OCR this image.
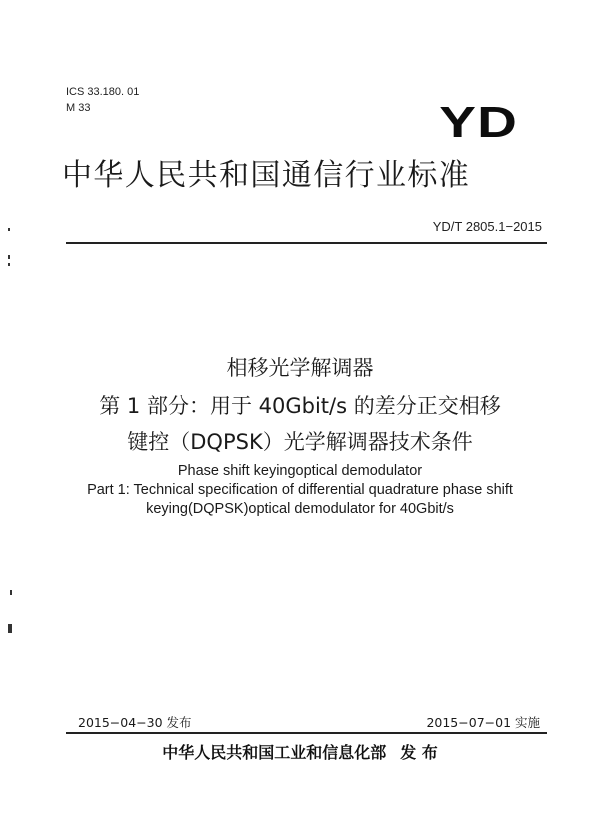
ICS 33.180. 01
M 33	YD
中华人民共和国通信行业标准
YD/T 2805.1−2015
相移光学解调器
第 1 部分：用于 40Gbit/s 的差分正交相移
键控（DQPSK）光学解调器技术条件
Phase shift keyingoptical demodulator
Part 1: Technical specification of differential quadrature phase shift
keying(DQPSK)optical demodulator for 40Gbit/s
2015−04−30 发布	2015−07−01 实施
中华人民共和国工业和信息化部 发 布
